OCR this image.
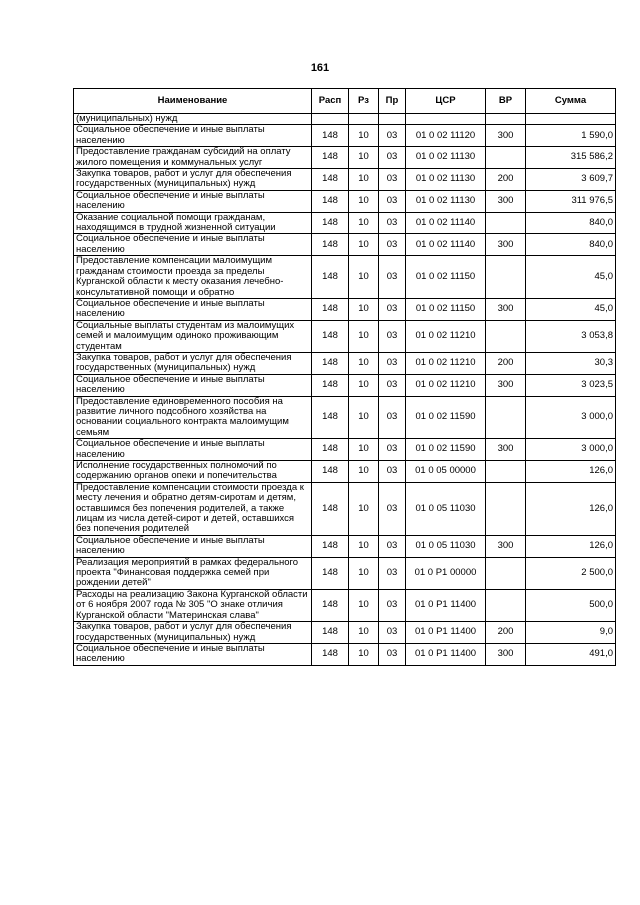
161
Наименование	Расп	Рз	Пр	ЦСР	ВР	Сумма
(муниципальных) нужд						
Социальное обеспечение и иные выплаты населению	148	10	03	01 0 02 11120	300	1 590,0
Предоставление гражданам субсидий на оплату жилого помещения и коммунальных услуг	148	10	03	01 0 02 11130		315 586,2
Закупка товаров, работ и услуг для обеспечения государственных (муниципальных) нужд	148	10	03	01 0 02 11130	200	3 609,7
Социальное обеспечение и иные выплаты населению	148	10	03	01 0 02 11130	300	311 976,5
Оказание социальной помощи гражданам, находящимся в трудной жизненной ситуации	148	10	03	01 0 02 11140		840,0
Социальное обеспечение и иные выплаты населению	148	10	03	01 0 02 11140	300	840,0
Предоставление компенсации малоимущим гражданам стоимости проезда за пределы Курганской области к месту оказания лечебно-консультативной помощи и обратно	148	10	03	01 0 02 11150		45,0
Социальное обеспечение и иные выплаты населению	148	10	03	01 0 02 11150	300	45,0
Социальные выплаты студентам из малоимущих семей и малоимущим одиноко проживающим студентам	148	10	03	01 0 02 11210		3 053,8
Закупка товаров, работ и услуг для обеспечения государственных (муниципальных) нужд	148	10	03	01 0 02 11210	200	30,3
Социальное обеспечение и иные выплаты населению	148	10	03	01 0 02 11210	300	3 023,5
Предоставление единовременного пособия на развитие личного подсобного хозяйства на основании социального контракта малоимущим семьям	148	10	03	01 0 02 11590		3 000,0
Социальное обеспечение и иные выплаты населению	148	10	03	01 0 02 11590	300	3 000,0
Исполнение государственных полномочий по содержанию органов опеки и попечительства	148	10	03	01 0 05 00000		126,0
Предоставление компенсации стоимости проезда к месту лечения и обратно детям-сиротам и детям, оставшимся без попечения родителей, а также лицам из числа детей-сирот и детей, оставшихся без попечения родителей	148	10	03	01 0 05 11030		126,0
Социальное обеспечение и иные выплаты населению	148	10	03	01 0 05 11030	300	126,0
Реализация мероприятий в рамках федерального проекта "Финансовая поддержка семей при рождении детей"	148	10	03	01 0 P1 00000		2 500,0
Расходы на реализацию Закона Курганской области от 6 ноября 2007 года № 305 "О знаке отличия Курганской области "Материнская слава"	148	10	03	01 0 P1 11400		500,0
Закупка товаров, работ и услуг для обеспечения государственных (муниципальных) нужд	148	10	03	01 0 P1 11400	200	9,0
Социальное обеспечение и иные выплаты населению	148	10	03	01 0 P1 11400	300	491,0
